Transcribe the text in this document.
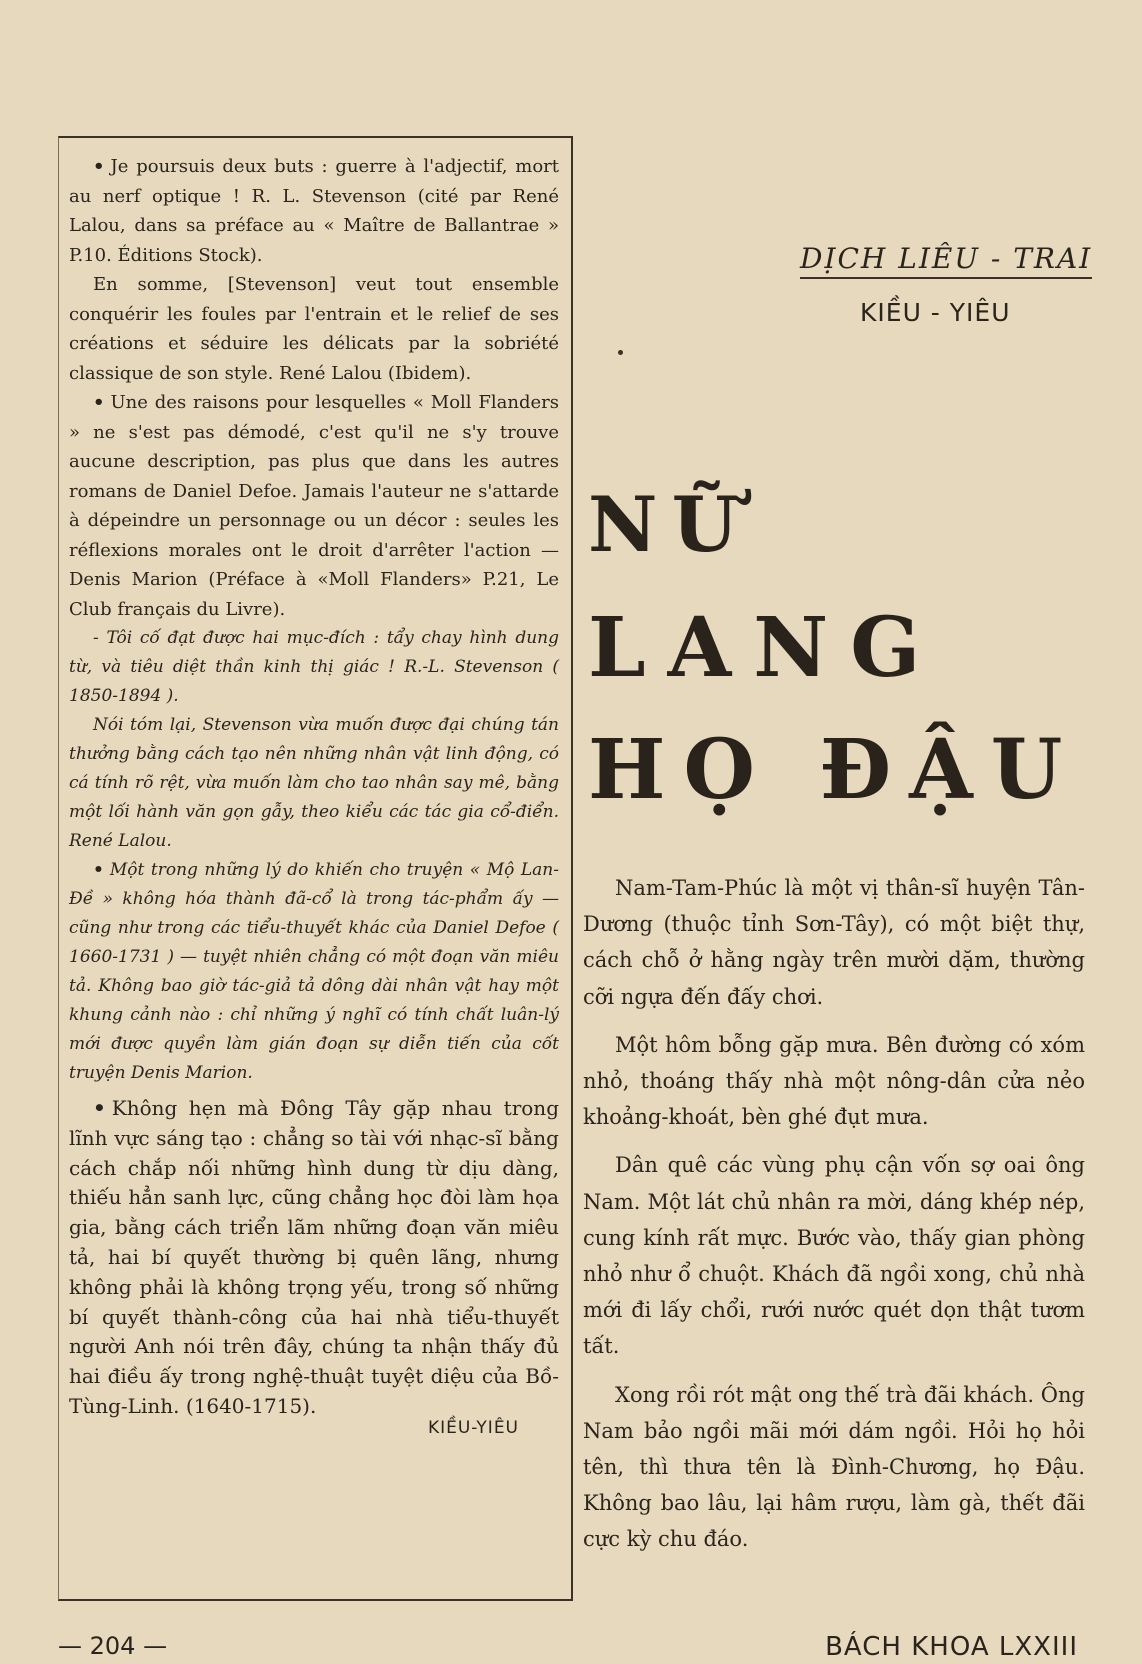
• Je poursuis deux buts : guerre à l'adjectif, mort au nerf optique ! R. L. Stevenson (cité par René Lalou, dans sa préface au « Maître de Ballantrae » P.10. Éditions Stock).

En somme, [Stevenson] veut tout ensemble conquérir les foules par l'entrain et le relief de ses créations et séduire les délicats par la sobriété classique de son style. René Lalou (Ibidem).

• Une des raisons pour lesquelles « Moll Flanders » ne s'est pas démodé, c'est qu'il ne s'y trouve aucune description, pas plus que dans les autres romans de Daniel Defoe. Jamais l'auteur ne s'attarde à dépeindre un personnage ou un décor : seules les réflexions morales ont le droit d'arrêter l'action — Denis Marion (Préface à «Moll Flanders» P.21, Le Club français du Livre).

- Tôi cố đạt được hai mục-đích : tẩy chay hình dung từ, và tiêu diệt thần kinh thị giác ! R.-L. Stevenson ( 1850-1894 ).

Nói tóm lại, Stevenson vừa muốn được đại chúng tán thưởng bằng cách tạo nên những nhân vật linh động, có cá tính rõ rệt, vừa muốn làm cho tao nhân say mê, bằng một lối hành văn gọn gẫy, theo kiểu các tác gia cổ-điển. René Lalou.

• Một trong những lý do khiến cho truyện « Mộ Lan-Đề » không hóa thành đã-cổ là trong tác-phẩm ấy — cũng như trong các tiểu-thuyết khác của Daniel Defoe ( 1660-1731 ) — tuyệt nhiên chẳng có một đoạn văn miêu tả. Không bao giờ tác-giả tả dông dài nhân vật hay một khung cảnh nào : chỉ những ý nghĩ có tính chất luân-lý mới được quyền làm gián đoạn sự diễn tiến của cốt truyện Denis Marion.

• Không hẹn mà Đông Tây gặp nhau trong lĩnh vực sáng tạo : chẳng so tài với nhạc-sĩ bằng cách chắp nối những hình dung từ dịu dàng, thiếu hẳn sanh lực, cũng chẳng học đòi làm họa gia, bằng cách triển lãm những đoạn văn miêu tả, hai bí quyết thường bị quên lãng, nhưng không phải là không trọng yếu, trong số những bí quyết thành-công của hai nhà tiểu-thuyết người Anh nói trên đây, chúng ta nhận thấy đủ hai điều ấy trong nghệ-thuật tuyệt diệu của Bồ-Tùng-Linh. (1640-1715).

KIỀU-YIÊU
DỊCH LIÊU - TRAI
KIỀU - YIÊU
NỮ
LANG
HỌ ĐẬU

Nam-Tam-Phúc là một vị thân-sĩ huyện Tân-Dương (thuộc tỉnh Sơn-Tây), có một biệt thự, cách chỗ ở hằng ngày trên mười dặm, thường cỡi ngựa đến đấy chơi.

Một hôm bỗng gặp mưa. Bên đường có xóm nhỏ, thoáng thấy nhà một nông-dân cửa nẻo khoảng-khoát, bèn ghé đụt mưa.

Dân quê các vùng phụ cận vốn sợ oai ông Nam. Một lát chủ nhân ra mời, dáng khép nép, cung kính rất mực. Bước vào, thấy gian phòng nhỏ như ổ chuột. Khách đã ngồi xong, chủ nhà mới đi lấy chổi, rưới nước quét dọn thật tươm tất.

Xong rồi rót mật ong thế trà đãi khách. Ông Nam bảo ngồi mãi mới dám ngồi. Hỏi họ hỏi tên, thì thưa tên là Đình-Chương, họ Đậu. Không bao lâu, lại hâm rượu, làm gà, thết đãi cực kỳ chu đáo.

— 204 —	BÁCH KHOA LXXIII
